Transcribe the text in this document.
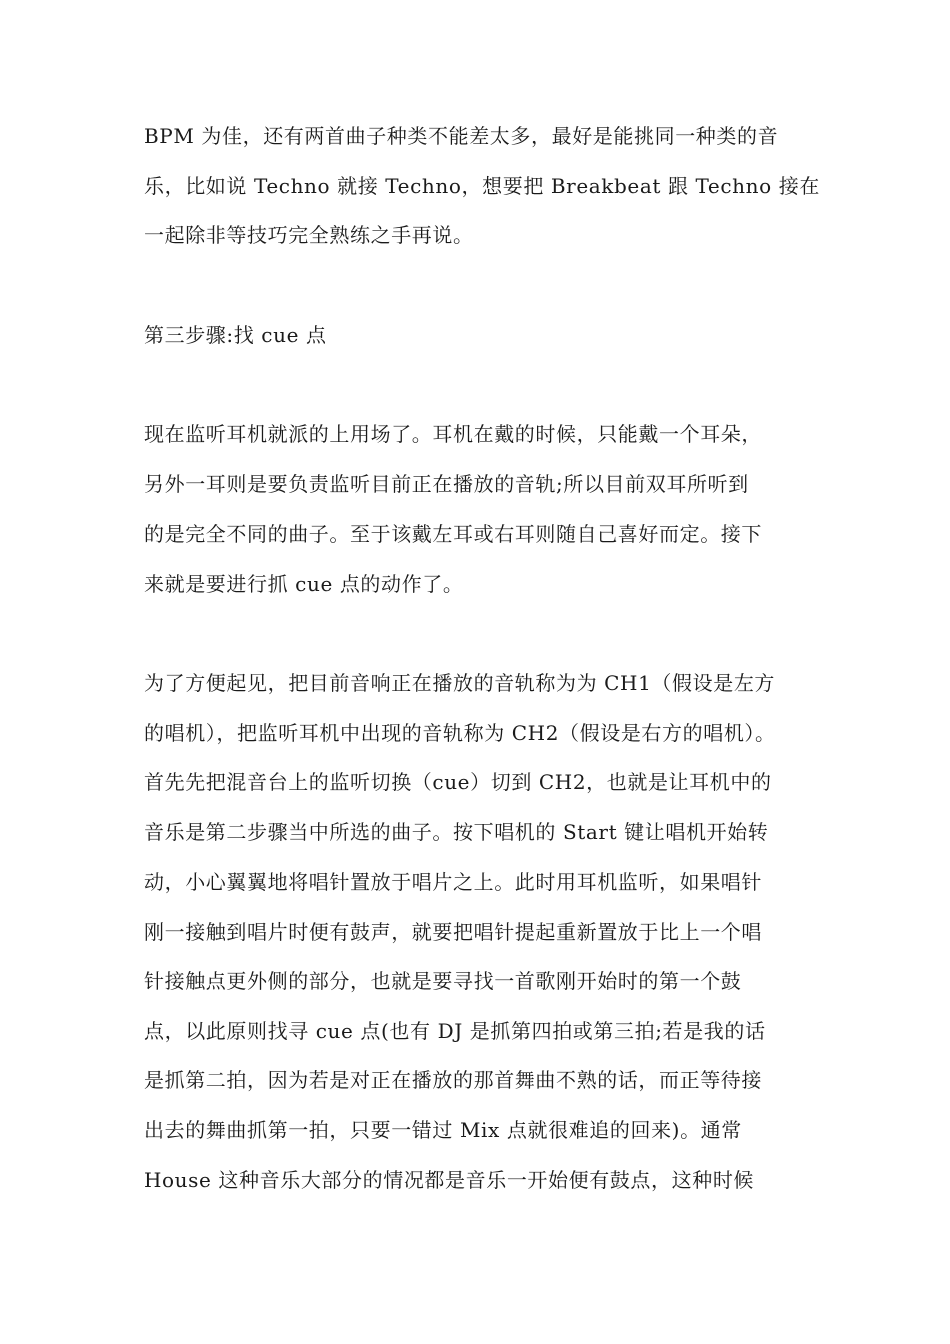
BPM 为佳，还有两首曲子种类不能差太多，最好是能挑同一种类的音
乐，比如说 Techno 就接 Techno，想要把 Breakbeat 跟 Techno 接在
一起除非等技巧完全熟练之手再说。
第三步骤:找 cue 点
现在监听耳机就派的上用场了。耳机在戴的时候，只能戴一个耳朵，
另外一耳则是要负责监听目前正在播放的音轨;所以目前双耳所听到
的是完全不同的曲子。至于该戴左耳或右耳则随自己喜好而定。接下
来就是要进行抓 cue 点的动作了。
为了方便起见，把目前音响正在播放的音轨称为为 CH1（假设是左方
的唱机），把监听耳机中出现的音轨称为 CH2（假设是右方的唱机）。
首先先把混音台上的监听切换（cue）切到 CH2，也就是让耳机中的
音乐是第二步骤当中所选的曲子。按下唱机的 Start 键让唱机开始转
动，小心翼翼地将唱针置放于唱片之上。此时用耳机监听，如果唱针
刚一接触到唱片时便有鼓声，就要把唱针提起重新置放于比上一个唱
针接触点更外侧的部分，也就是要寻找一首歌刚开始时的第一个鼓
点，以此原则找寻 cue 点(也有 DJ 是抓第四拍或第三拍;若是我的话
是抓第二拍，因为若是对正在播放的那首舞曲不熟的话，而正等待接
出去的舞曲抓第一拍，只要一错过 Mix 点就很难追的回来)。通常
House 这种音乐大部分的情况都是音乐一开始便有鼓点，这种时候
